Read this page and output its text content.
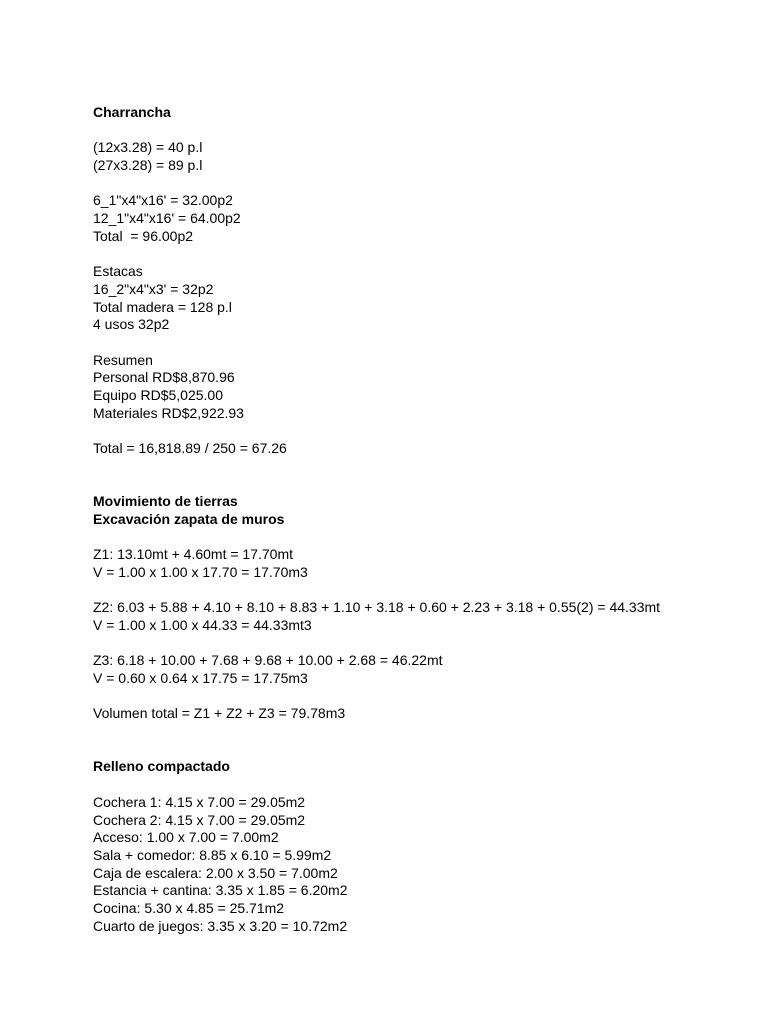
Charrancha
(12x3.28) = 40 p.l
(27x3.28) = 89 p.l
6_1"x4"x16' = 32.00p2
12_1"x4"x16' = 64.00p2
Total  = 96.00p2
Estacas
16_2"x4"x3' = 32p2
Total madera = 128 p.l
4 usos 32p2
Resumen
Personal RD$8,870.96
Equipo RD$5,025.00
Materiales RD$2,922.93
Total = 16,818.89 / 250 = 67.26
Movimiento de tierras
Excavación zapata de muros
Z1: 13.10mt + 4.60mt = 17.70mt
V = 1.00 x 1.00 x 17.70 = 17.70m3
Z2: 6.03 + 5.88 + 4.10 + 8.10 + 8.83 + 1.10 + 3.18 + 0.60 + 2.23 + 3.18 + 0.55(2) = 44.33mt
V = 1.00 x 1.00 x 44.33 = 44.33mt3
Z3: 6.18 + 10.00 + 7.68 + 9.68 + 10.00 + 2.68 = 46.22mt
V = 0.60 x 0.64 x 17.75 = 17.75m3
Volumen total = Z1 + Z2 + Z3 = 79.78m3
Relleno compactado
Cochera 1: 4.15 x 7.00 = 29.05m2
Cochera 2: 4.15 x 7.00 = 29.05m2
Acceso: 1.00 x 7.00 = 7.00m2
Sala + comedor: 8.85 x 6.10 = 5.99m2
Caja de escalera: 2.00 x 3.50 = 7.00m2
Estancia + cantina: 3.35 x 1.85 = 6.20m2
Cocina: 5.30 x 4.85 = 25.71m2
Cuarto de juegos: 3.35 x 3.20 = 10.72m2
